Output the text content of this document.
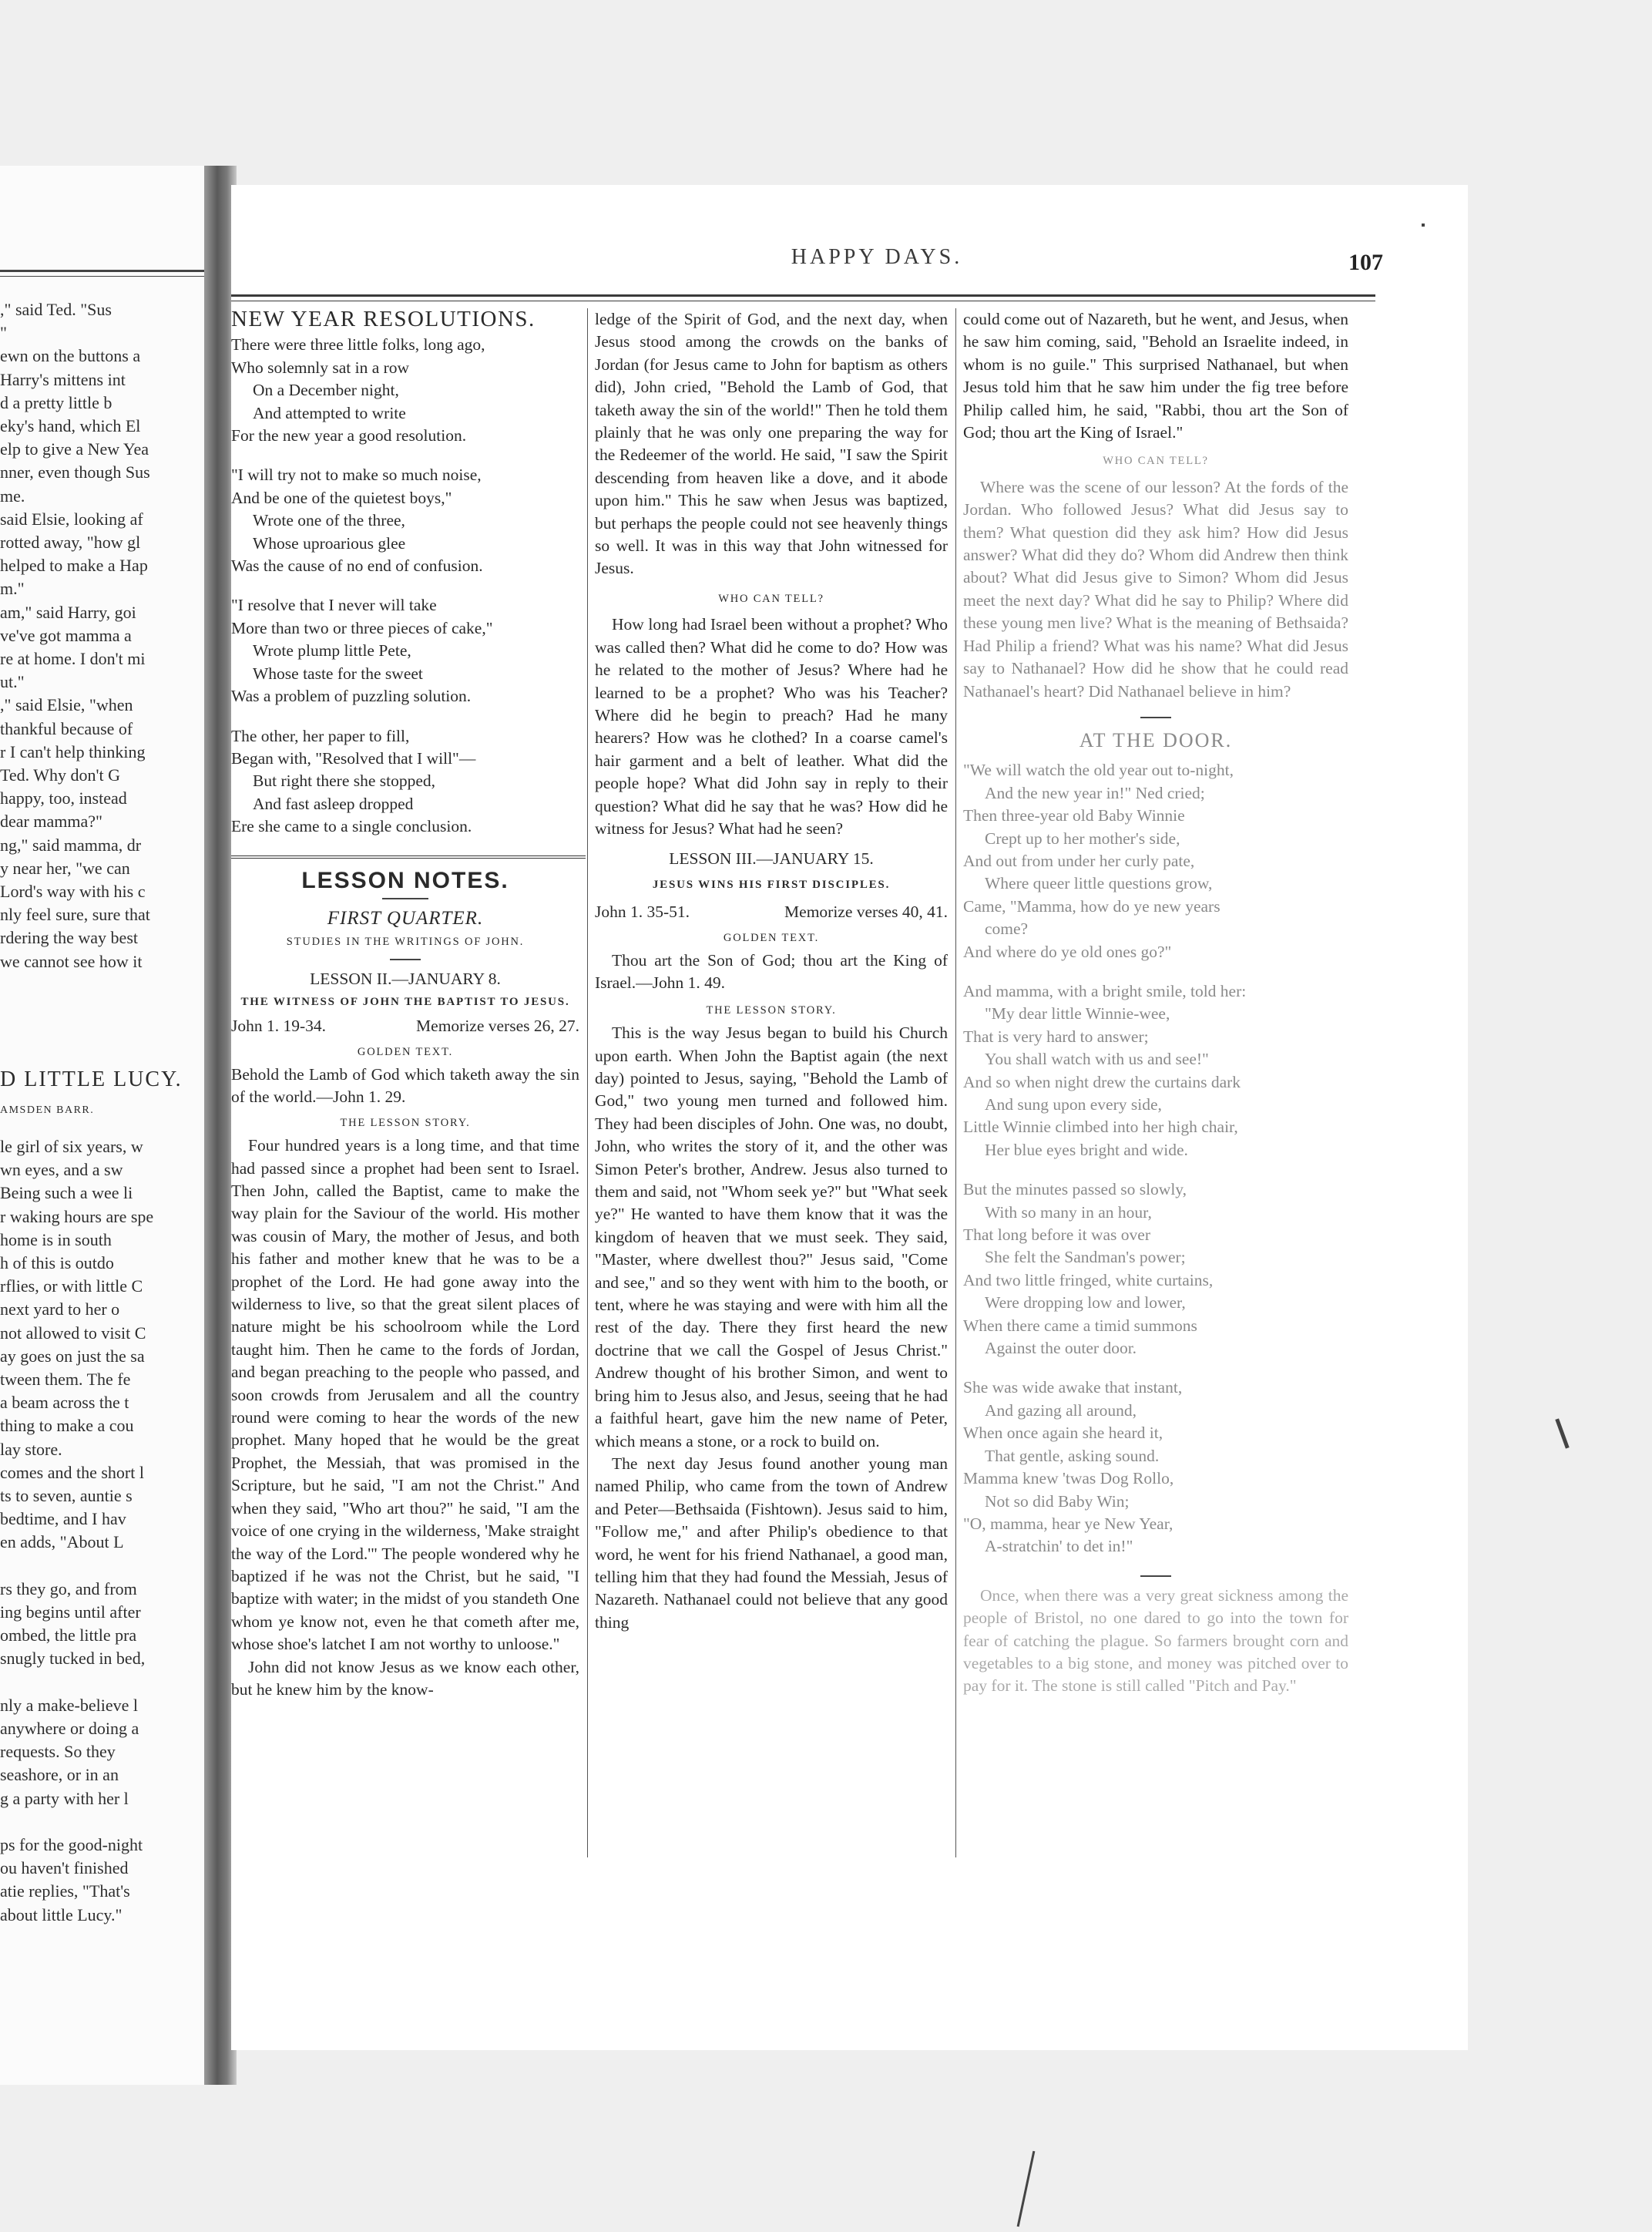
," said Ted. "Sus
"
ewn on the buttons a
Harry's mittens int
d a pretty little b
eky's hand, which El
elp to give a New Yea
nner, even though Sus
me.
said Elsie, looking af
rotted away, "how gl
helped to make a Hap
m."
am," said Harry, goi
ve've got mamma a
re at home. I don't mi
ut."
," said Elsie, "when
thankful because of
r I can't help thinking
Ted. Why don't G
happy, too, instead
dear mamma?"
ng," said mamma, dr
y near her, "we can
Lord's way with his c
nly feel sure, sure that
rdering the way best
we cannot see how it
D LITTLE LUCY.
AMSDEN BARR.
le girl of six years, w
wn eyes, and a sw
Being such a wee li
r waking hours are spe
home is in south
h of this is outdo
rflies, or with little C
next yard to her o
not allowed to visit C
ay goes on just the sa
tween them. The fe
a beam across the t
thing to make a cou
lay store.
comes and the short l
ts to seven, auntie s
bedtime, and I hav
en adds, "About L
rs they go, and from
ing begins until after
ombed, the little pra
snugly tucked in bed,
nly a make-believe l
anywhere or doing a
requests. So they
seashore, or in an
g a party with her l
ps for the good-night
ou haven't finished
atie replies, "That's
about little Lucy."
HAPPY DAYS.	107
NEW YEAR RESOLUTIONS.
There were three little folks, long ago,
Who solemnly sat in a row
On a December night,
And attempted to write
For the new year a good resolution.
"I will try not to make so much noise,
And be one of the quietest boys,"
Wrote one of the three,
Whose uproarious glee
Was the cause of no end of confusion.
"I resolve that I never will take
More than two or three pieces of cake,"
Wrote plump little Pete,
Whose taste for the sweet
Was a problem of puzzling solution.
The other, her paper to fill,
Began with, "Resolved that I will"—
But right there she stopped,
And fast asleep dropped
Ere she came to a single conclusion.
LESSON NOTES.
FIRST QUARTER.
STUDIES IN THE WRITINGS OF JOHN.
LESSON II.—JANUARY 8.
THE WITNESS OF JOHN THE BAPTIST TO JESUS.
John 1. 19-34.	Memorize verses 26, 27.
GOLDEN TEXT.

Behold the Lamb of God which taketh away the sin of the world.—John 1. 29.

THE LESSON STORY.

Four hundred years is a long time, and that time had passed since a prophet had been sent to Israel. Then John, called the Baptist, came to make the way plain for the Saviour of the world. His mother was cousin of Mary, the mother of Jesus, and both his father and mother knew that he was to be a prophet of the Lord. He had gone away into the wilderness to live, so that the great silent places of nature might be his schoolroom while the Lord taught him. Then he came to the fords of Jordan, and began preaching to the people who passed, and soon crowds from Jerusalem and all the country round were coming to hear the words of the new prophet. Many hoped that he would be the great Prophet, the Messiah, that was promised in the Scripture, but he said, "I am not the Christ." And when they said, "Who art thou?" he said, "I am the voice of one crying in the wilderness, 'Make straight the way of the Lord.'" The people wondered why he baptized if he was not the Christ, but he said, "I baptize with water; in the midst of you standeth One whom ye know not, even he that cometh after me, whose shoe's latchet I am not worthy to unloose."

John did not know Jesus as we know each other, but he knew him by the know-

ledge of the Spirit of God, and the next day, when Jesus stood among the crowds on the banks of Jordan (for Jesus came to John for baptism as others did), John cried, "Behold the Lamb of God, that taketh away the sin of the world!" Then he told them plainly that he was only one preparing the way for the Redeemer of the world. He said, "I saw the Spirit descending from heaven like a dove, and it abode upon him." This he saw when Jesus was baptized, but perhaps the people could not see heavenly things so well. It was in this way that John witnessed for Jesus.

WHO CAN TELL?

How long had Israel been without a prophet? Who was called then? What did he come to do? How was he related to the mother of Jesus? Where had he learned to be a prophet? Who was his Teacher? Where did he begin to preach? Had he many hearers? How was he clothed? In a coarse camel's hair garment and a belt of leather. What did the people hope? What did John say in reply to their question? What did he say that he was? How did he witness for Jesus? What had he seen?

LESSON III.—JANUARY 15.
JESUS WINS HIS FIRST DISCIPLES.
John 1. 35-51.	Memorize verses 40, 41.
GOLDEN TEXT.

Thou art the Son of God; thou art the King of Israel.—John 1. 49.

THE LESSON STORY.

This is the way Jesus began to build his Church upon earth. When John the Baptist again (the next day) pointed to Jesus, saying, "Behold the Lamb of God," two young men turned and followed him. They had been disciples of John. One was, no doubt, John, who writes the story of it, and the other was Simon Peter's brother, Andrew. Jesus also turned to them and said, not "Whom seek ye?" but "What seek ye?" He wanted to have them know that it was the kingdom of heaven that we must seek. They said, "Master, where dwellest thou?" Jesus said, "Come and see," and so they went with him to the booth, or tent, where he was staying and were with him all the rest of the day. There they first heard the new doctrine that we call the Gospel of Jesus Christ." Andrew thought of his brother Simon, and went to bring him to Jesus also, and Jesus, seeing that he had a faithful heart, gave him the new name of Peter, which means a stone, or a rock to build on.

The next day Jesus found another young man named Philip, who came from the town of Andrew and Peter—Bethsaida (Fishtown). Jesus said to him, "Follow me," and after Philip's obedience to that word, he went for his friend Nathanael, a good man, telling him that they had found the Messiah, Jesus of Nazareth. Nathanael could not believe that any good thing

could come out of Nazareth, but he went, and Jesus, when he saw him coming, said, "Behold an Israelite indeed, in whom is no guile." This surprised Nathanael, but when Jesus told him that he saw him under the fig tree before Philip called him, he said, "Rabbi, thou art the Son of God; thou art the King of Israel."

WHO CAN TELL?

Where was the scene of our lesson? At the fords of the Jordan. Who followed Jesus? What did Jesus say to them? What question did they ask him? How did Jesus answer? What did they do? Whom did Andrew then think about? What did Jesus give to Simon? Whom did Jesus meet the next day? What did he say to Philip? Where did these young men live? What is the meaning of Bethsaida? Had Philip a friend? What was his name? What did Jesus say to Nathanael? How did he show that he could read Nathanael's heart? Did Nathanael believe in him?

AT THE DOOR.
"We will watch the old year out to-night,
And the new year in!" Ned cried;
Then three-year old Baby Winnie
Crept up to her mother's side,
And out from under her curly pate,
Where queer little questions grow,
Came, "Mamma, how do ye new years
come?
And where do ye old ones go?"
And mamma, with a bright smile, told her:
"My dear little Winnie-wee,
That is very hard to answer;
You shall watch with us and see!"
And so when night drew the curtains dark
And sung upon every side,
Little Winnie climbed into her high chair,
Her blue eyes bright and wide.
But the minutes passed so slowly,
With so many in an hour,
That long before it was over
She felt the Sandman's power;
And two little fringed, white curtains,
Were dropping low and lower,
When there came a timid summons
Against the outer door.
She was wide awake that instant,
And gazing all around,
When once again she heard it,
That gentle, asking sound.
Mamma knew 'twas Dog Rollo,
Not so did Baby Win;
"O, mamma, hear ye New Year,
A-stratchin' to det in!"

Once, when there was a very great sickness among the people of Bristol, no one dared to go into the town for fear of catching the plague. So farmers brought corn and vegetables to a big stone, and money was pitched over to pay for it. The stone is still called "Pitch and Pay."
